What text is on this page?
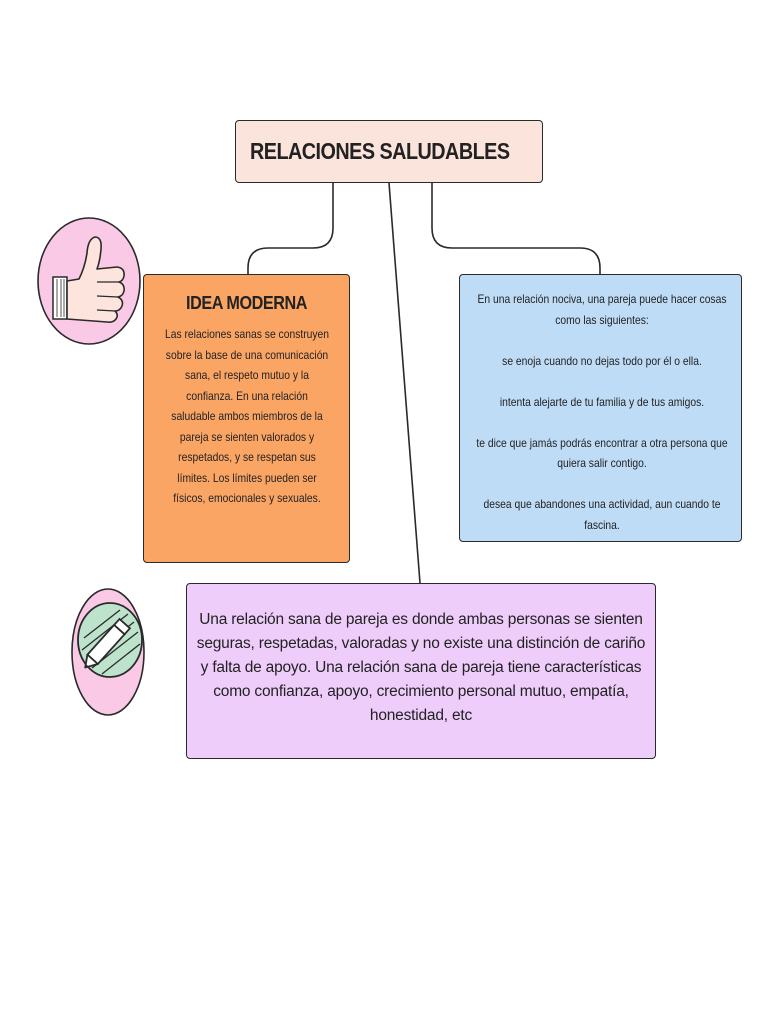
RELACIONES SALUDABLES
IDEA MODERNA
Las relaciones sanas se construyen sobre la base de una comunicación sana, el respeto mutuo y la confianza. En una relación saludable ambos miembros de la pareja se sienten valorados y respetados, y se respetan sus límites. Los límites pueden ser físicos, emocionales y sexuales.

En una relación nociva, una pareja puede hacer cosas como las siguientes:

se enoja cuando no dejas todo por él o ella.

intenta alejarte de tu familia y de tus amigos.

te dice que jamás podrás encontrar a otra persona que quiera salir contigo.

desea que abandones una actividad, aun cuando te fascina.

Una relación sana de pareja es donde ambas personas se sienten seguras, respetadas, valoradas y no existe una distinción de cariño y falta de apoyo. Una relación sana de pareja tiene características como confianza, apoyo, crecimiento personal mutuo, empatía, honestidad, etc
